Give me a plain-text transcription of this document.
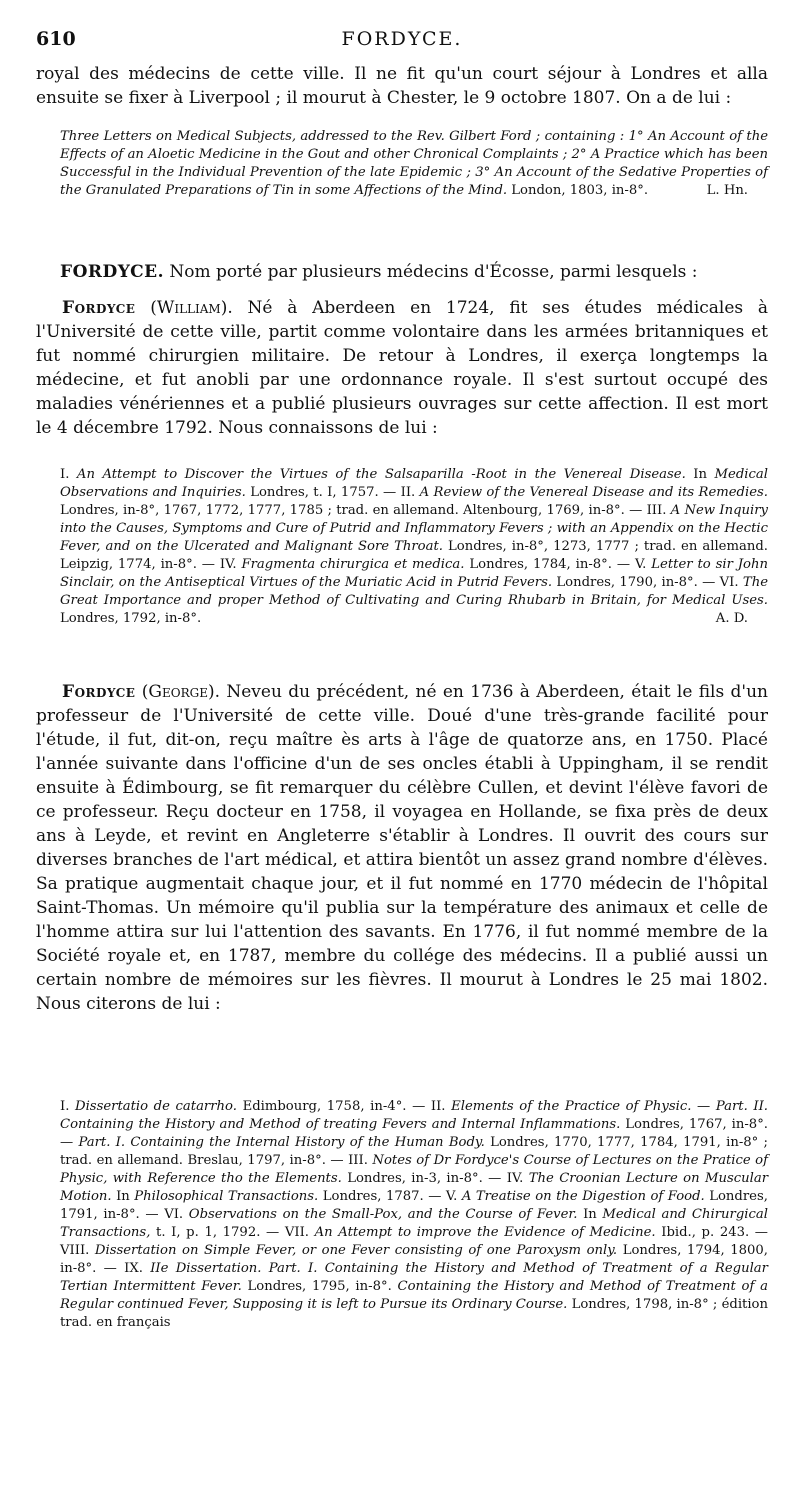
610	FORDYCE.

royal des médecins de cette ville. Il ne fit qu'un court séjour à Londres et alla ensuite se fixer à Liverpool ; il mourut à Chester, le 9 octobre 1807. On a de lui :

Three Letters on Medical Subjects, addressed to the Rev. Gilbert Ford ; containing : 1° An Account of the Effects of an Aloetic Medicine in the Gout and other Chronical Complaints ; 2° A Practice which has been Successful in the Individual Prevention of the late Epidemic ; 3° An Account of the Sedative Properties of the Granulated Preparations of Tin in some Affections of the Mind. London, 1803, in-8°.	L. Hn.

FORDYCE. Nom porté par plusieurs médecins d'Écosse, parmi lesquels :

Fordyce (William). Né à Aberdeen en 1724, fit ses études médicales à l'Université de cette ville, partit comme volontaire dans les armées britanniques et fut nommé chirurgien militaire. De retour à Londres, il exerça longtemps la médecine, et fut anobli par une ordonnance royale. Il s'est surtout occupé des maladies vénériennes et a publié plusieurs ouvrages sur cette affection. Il est mort le 4 décembre 1792. Nous connaissons de lui :

I. An Attempt to Discover the Virtues of the Salsaparilla -Root in the Venereal Disease. In Medical Observations and Inquiries. Londres, t. I, 1757. — II. A Review of the Venereal Disease and its Remedies. Londres, in-8°, 1767, 1772, 1777, 1785 ; trad. en allemand. Altenbourg, 1769, in-8°. — III. A New Inquiry into the Causes, Symptoms and Cure of Putrid and Inflammatory Fevers ; with an Appendix on the Hectic Fever, and on the Ulcerated and Malignant Sore Throat. Londres, in-8°, 1273, 1777 ; trad. en allemand. Leipzig, 1774, in-8°. — IV. Fragmenta chirurgica et medica. Londres, 1784, in-8°. — V. Letter to sir John Sinclair, on the Antiseptical Virtues of the Muriatic Acid in Putrid Fevers. Londres, 1790, in-8°. — VI. The Great Importance and proper Method of Cultivating and Curing Rhubarb in Britain, for Medical Uses. Londres, 1792, in-8°.	A. D.

Fordyce (George). Neveu du précédent, né en 1736 à Aberdeen, était le fils d'un professeur de l'Université de cette ville. Doué d'une très-grande facilité pour l'étude, il fut, dit-on, reçu maître ès arts à l'âge de quatorze ans, en 1750. Placé l'année suivante dans l'officine d'un de ses oncles établi à Uppingham, il se rendit ensuite à Édimbourg, se fit remarquer du célèbre Cullen, et devint l'élève favori de ce professeur. Reçu docteur en 1758, il voyagea en Hollande, se fixa près de deux ans à Leyde, et revint en Angleterre s'établir à Londres. Il ouvrit des cours sur diverses branches de l'art médical, et attira bientôt un assez grand nombre d'élèves. Sa pratique augmentait chaque jour, et il fut nommé en 1770 médecin de l'hôpital Saint-Thomas. Un mémoire qu'il publia sur la température des animaux et celle de l'homme attira sur lui l'attention des savants. En 1776, il fut nommé membre de la Société royale et, en 1787, membre du collége des médecins. Il a publié aussi un certain nombre de mémoires sur les fièvres. Il mourut à Londres le 25 mai 1802. Nous citerons de lui :

I. Dissertatio de catarrho. Edimbourg, 1758, in-4°. — II. Elements of the Practice of Physic. — Part. II. Containing the History and Method of treating Fevers and Internal Inflammations. Londres, 1767, in-8°. — Part. I. Containing the Internal History of the Human Body. Londres, 1770, 1777, 1784, 1791, in-8° ; trad. en allemand. Breslau, 1797, in-8°. — III. Notes of Dr Fordyce's Course of Lectures on the Pratice of Physic, with Reference tho the Elements. Londres, in-3, in-8°. — IV. The Croonian Lecture on Muscular Motion. In Philosophical Transactions. Londres, 1787. — V. A Treatise on the Digestion of Food. Londres, 1791, in-8°. — VI. Observations on the Small-Pox, and the Course of Fever. In Medical and Chirurgical Transactions, t. I, p. 1, 1792. — VII. An Attempt to improve the Evidence of Medicine. Ibid., p. 243. — VIII. Dissertation on Simple Fever, or one Fever consisting of one Paroxysm only. Londres, 1794, 1800, in-8°. — IX. IIe Dissertation. Part. I. Containing the History and Method of Treatment of a Regular Tertian Intermittent Fever. Londres, 1795, in-8°. Containing the History and Method of Treatment of a Regular continued Fever, Supposing it is left to Pursue its Ordinary Course. Londres, 1798, in-8° ; édition trad. en français
